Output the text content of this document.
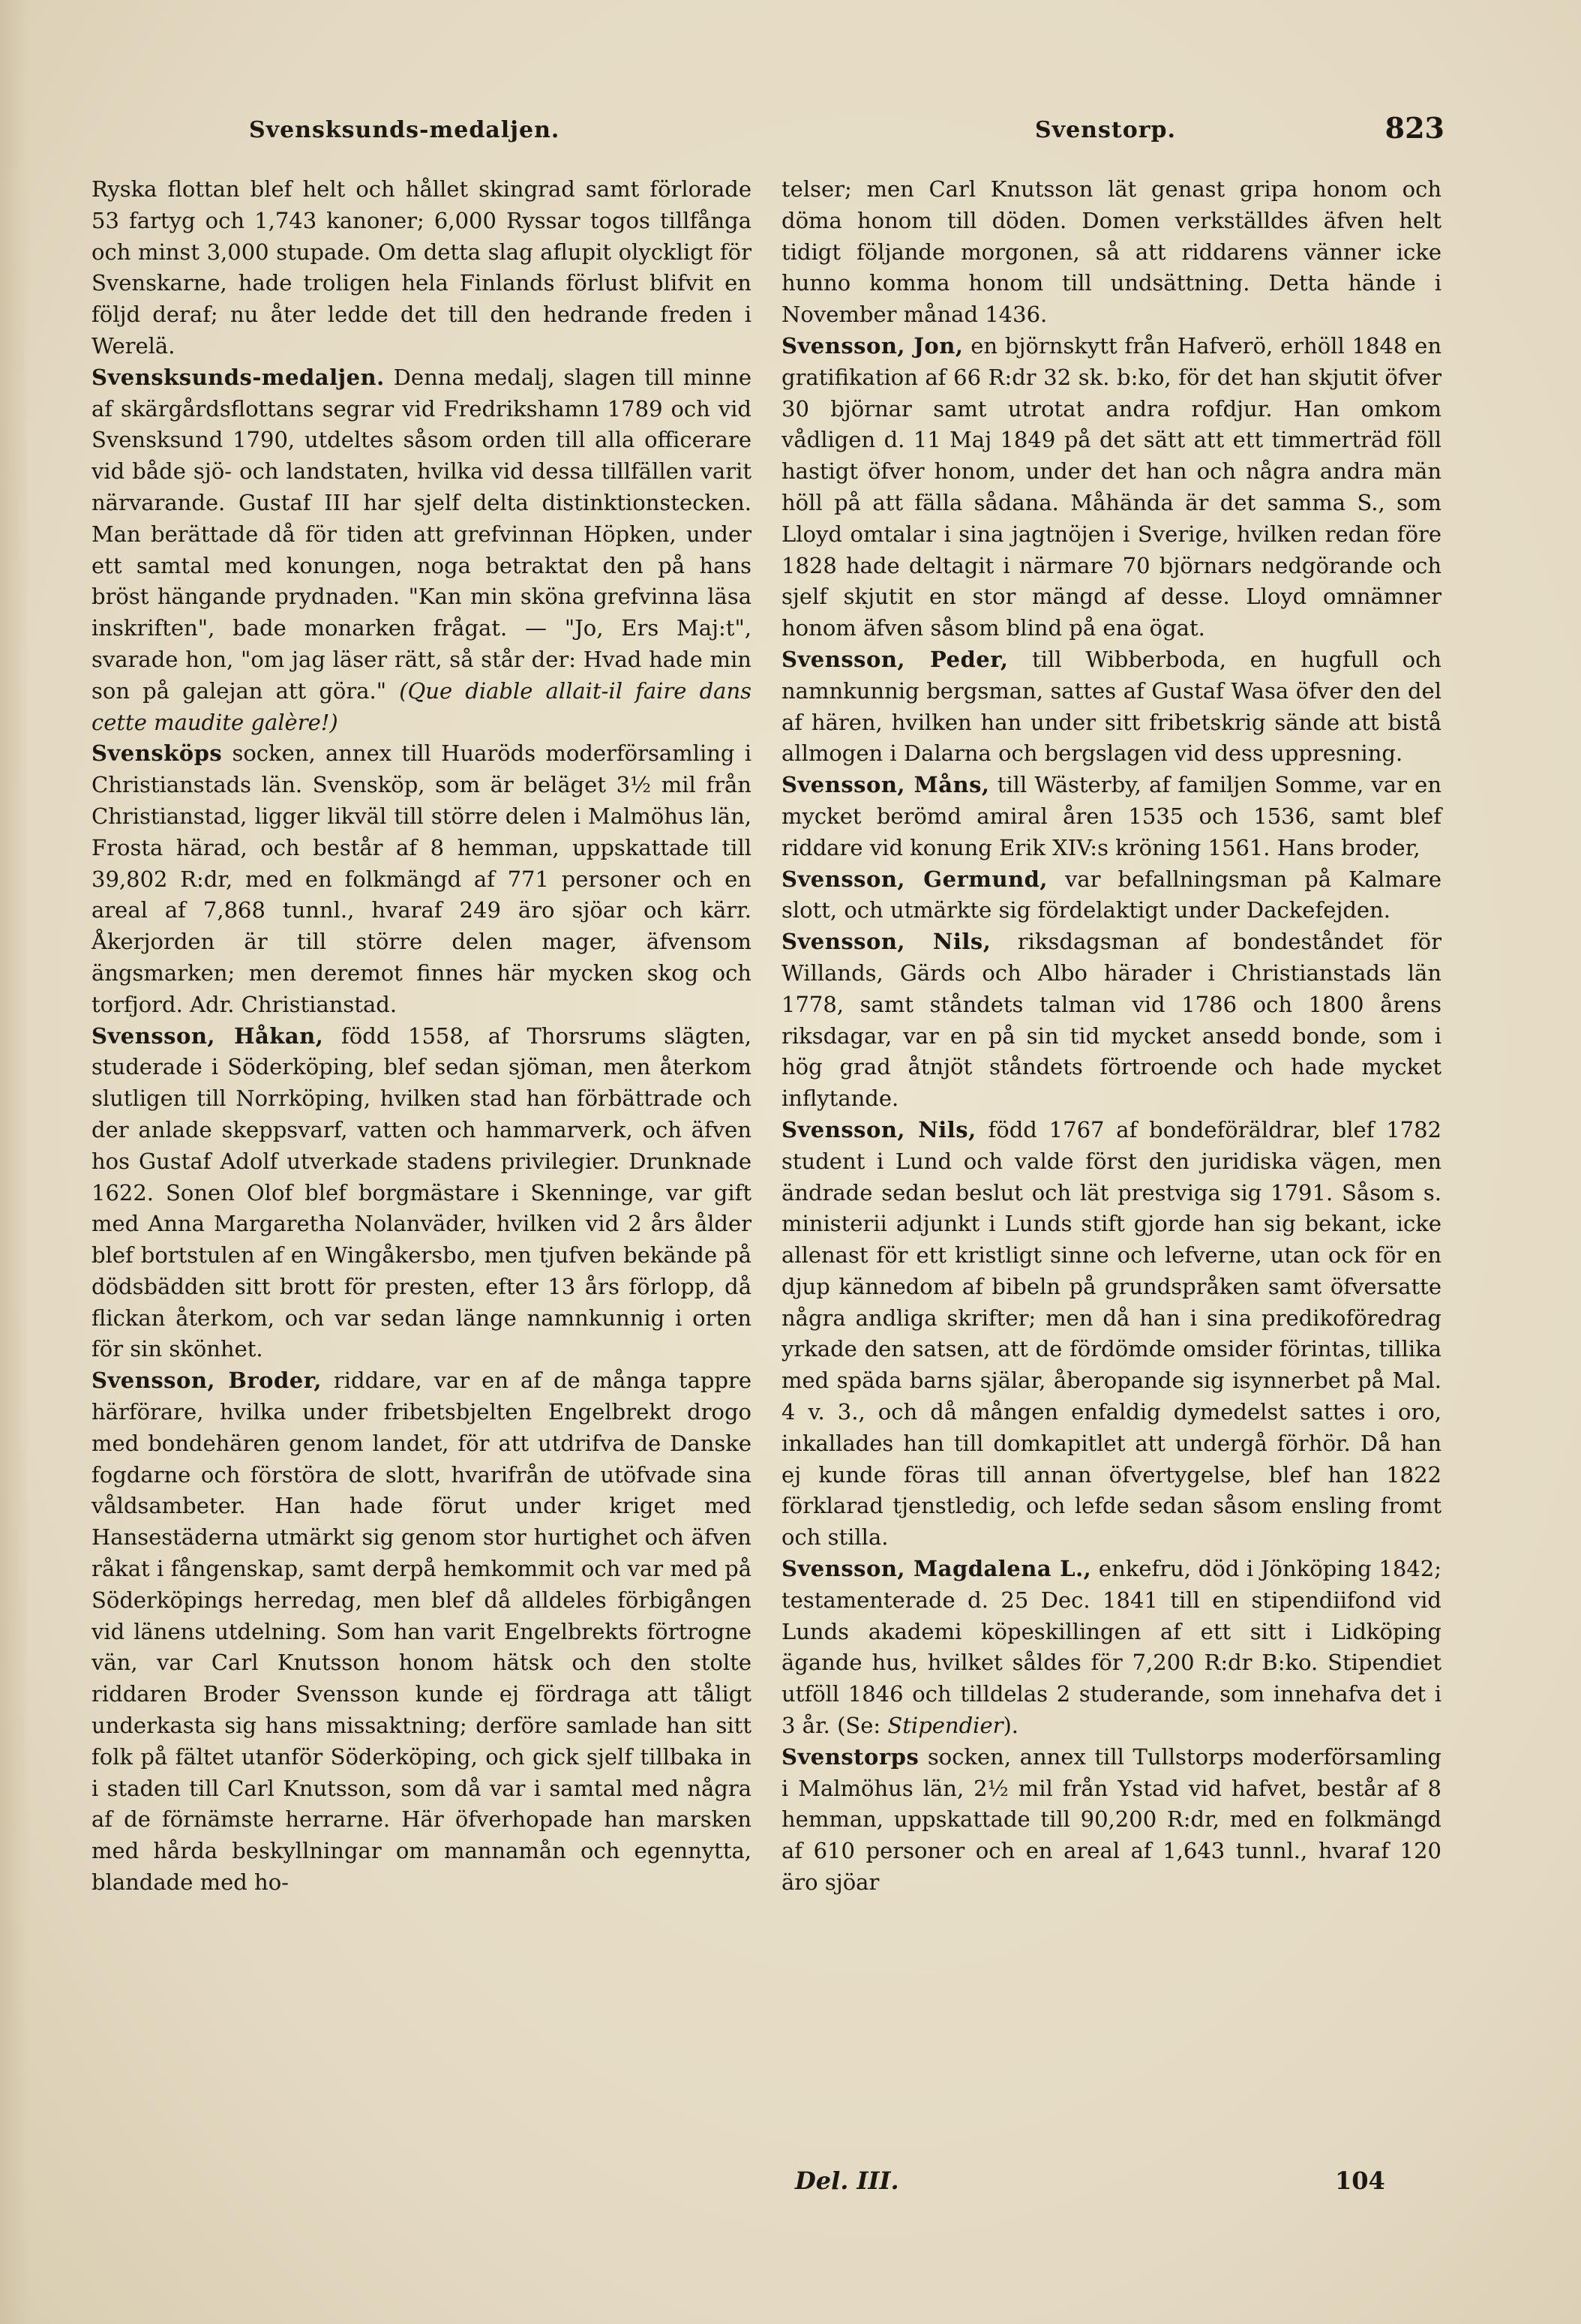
Svensksunds-medaljen.	Svenstorp.	823

Ryska flottan blef helt och hållet skingrad samt förlorade 53 fartyg och 1,743 kanoner; 6,000 Ryssar togos tillfånga och minst 3,000 stupade. Om detta slag aflupit olyckligt för Svenskarne, hade troligen hela Finlands förlust blifvit en följd deraf; nu åter ledde det till den hedrande freden i Werelä.

Svensksunds-medaljen. Denna medalj, slagen till minne af skärgårdsflottans segrar vid Fredrikshamn 1789 och vid Svensksund 1790, utdeltes såsom orden till alla officerare vid både sjö- och landstaten, hvilka vid dessa tillfällen varit närvarande. Gustaf III har sjelf delta distinktionstecken. Man berättade då för tiden att grefvinnan Höpken, under ett samtal med konungen, noga betraktat den på hans bröst hängande prydnaden. "Kan min sköna grefvinna läsa inskriften", bade monarken frågat. — "Jo, Ers Maj:t", svarade hon, "om jag läser rätt, så står der: Hvad hade min son på galejan att göra." (Que diable allait-il faire dans cette maudite galère!)

Svensköps socken, annex till Huaröds moderförsamling i Christianstads län. Svensköp, som är beläget 3½ mil från Christianstad, ligger likväl till större delen i Malmöhus län, Frosta härad, och består af 8 hemman, uppskattade till 39,802 R:dr, med en folkmängd af 771 personer och en areal af 7,868 tunnl., hvaraf 249 äro sjöar och kärr. Åkerjorden är till större delen mager, äfvensom ängsmarken; men deremot finnes här mycken skog och torfjord. Adr. Christianstad.

Svensson, Håkan, född 1558, af Thorsrums slägten, studerade i Söderköping, blef sedan sjöman, men återkom slutligen till Norrköping, hvilken stad han förbättrade och der anlade skeppsvarf, vatten och hammarverk, och äfven hos Gustaf Adolf utverkade stadens privilegier. Drunknade 1622. Sonen Olof blef borgmästare i Skenninge, var gift med Anna Margaretha Nolanväder, hvilken vid 2 års ålder blef bortstulen af en Wingåkersbo, men tjufven bekände på dödsbädden sitt brott för presten, efter 13 års förlopp, då flickan återkom, och var sedan länge namnkunnig i orten för sin skönhet.

Svensson, Broder, riddare, var en af de många tappre härförare, hvilka under fribetsbjelten Engelbrekt drogo med bondehären genom landet, för att utdrifva de Danske fogdarne och förstöra de slott, hvarifrån de utöfvade sina våldsambeter. Han hade förut under kriget med Hansestäderna utmärkt sig genom stor hurtighet och äfven råkat i fångenskap, samt derpå hemkommit och var med på Söderköpings herredag, men blef då alldeles förbigången vid länens utdelning. Som han varit Engelbrekts förtrogne vän, var Carl Knutsson honom hätsk och den stolte riddaren Broder Svensson kunde ej fördraga att tåligt underkasta sig hans missaktning; derföre samlade han sitt folk på fältet utanför Söderköping, och gick sjelf tillbaka in i staden till Carl Knutsson, som då var i samtal med några af de förnämste herrarne. Här öfverhopade han marsken med hårda beskyllningar om mannamån och egennytta, blandade med ho-

telser; men Carl Knutsson lät genast gripa honom och döma honom till döden. Domen verkställdes äfven helt tidigt följande morgonen, så att riddarens vänner icke hunno komma honom till undsättning. Detta hände i November månad 1436.

Svensson, Jon, en björnskytt från Hafverö, erhöll 1848 en gratifikation af 66 R:dr 32 sk. b:ko, för det han skjutit öfver 30 björnar samt utrotat andra rofdjur. Han omkom vådligen d. 11 Maj 1849 på det sätt att ett timmerträd föll hastigt öfver honom, under det han och några andra män höll på att fälla sådana. Måhända är det samma S., som Lloyd omtalar i sina jagtnöjen i Sverige, hvilken redan före 1828 hade deltagit i närmare 70 björnars nedgörande och sjelf skjutit en stor mängd af desse. Lloyd omnämner honom äfven såsom blind på ena ögat.

Svensson, Peder, till Wibberboda, en hugfull och namnkunnig bergsman, sattes af Gustaf Wasa öfver den del af hären, hvilken han under sitt fribetskrig sände att bistå allmogen i Dalarna och bergslagen vid dess uppresning.

Svensson, Måns, till Wästerby, af familjen Somme, var en mycket berömd amiral åren 1535 och 1536, samt blef riddare vid konung Erik XIV:s kröning 1561. Hans broder,

Svensson, Germund, var befallningsman på Kalmare slott, och utmärkte sig fördelaktigt under Dackefejden.

Svensson, Nils, riksdagsman af bondeståndet för Willands, Gärds och Albo härader i Christianstads län 1778, samt ståndets talman vid 1786 och 1800 årens riksdagar, var en på sin tid mycket ansedd bonde, som i hög grad åtnjöt ståndets förtroende och hade mycket inflytande.

Svensson, Nils, född 1767 af bondeföräldrar, blef 1782 student i Lund och valde först den juridiska vägen, men ändrade sedan beslut och lät prestviga sig 1791. Såsom s. ministerii adjunkt i Lunds stift gjorde han sig bekant, icke allenast för ett kristligt sinne och lefverne, utan ock för en djup kännedom af bibeln på grundspråken samt öfversatte några andliga skrifter; men då han i sina predikoföredrag yrkade den satsen, att de fördömde omsider förintas, tillika med späda barns själar, åberopande sig isynnerbet på Mal. 4 v. 3., och då mången enfaldig dymedelst sattes i oro, inkallades han till domkapitlet att undergå förhör. Då han ej kunde föras till annan öfvertygelse, blef han 1822 förklarad tjenstledig, och lefde sedan såsom ensling fromt och stilla.

Svensson, Magdalena L., enkefru, död i Jönköping 1842; testamenterade d. 25 Dec. 1841 till en stipendiifond vid Lunds akademi köpeskillingen af ett sitt i Lidköping ägande hus, hvilket såldes för 7,200 R:dr B:ko. Stipendiet utföll 1846 och tilldelas 2 studerande, som innehafva det i 3 år. (Se: Stipendier).

Svenstorps socken, annex till Tullstorps moderförsamling i Malmöhus län, 2½ mil från Ystad vid hafvet, består af 8 hemman, uppskattade till 90,200 R:dr, med en folkmängd af 610 personer och en areal af 1,643 tunnl., hvaraf 120 äro sjöar

Del. III.	104
